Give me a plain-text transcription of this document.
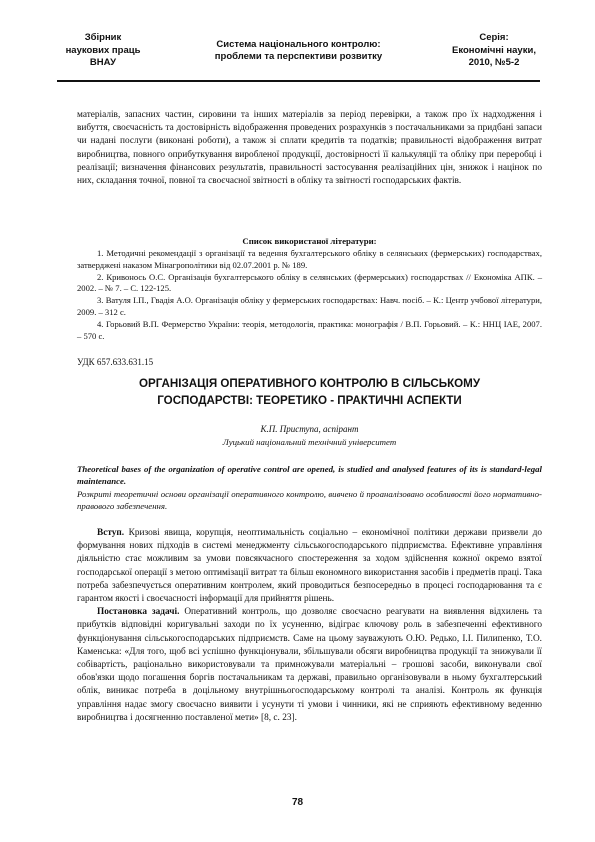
Збірник
наукових праць
ВНАУ
Система національного контролю:
проблеми та перспективи розвитку
Серія:
Економічні науки,
2010, №5-2

матеріалів, запасних частин, сировини та інших матеріалів за період перевірки, а також про їх надходження і вибуття, своєчасність та достовірність відображення проведених розрахунків з постачальниками за придбані запаси чи надані послуги (виконані роботи), а також зі сплати кредитів та податків; правильності відображення витрат виробництва, повного оприбуткування виробленої продукції, достовірності її калькуляції та обліку при переробці і реалізації; визначення фінансових результатів, правильності застосування реалізаційних цін, знижок і націнок по них, складання точної, повної та своєчасної звітності в обліку та звітності господарських фактів.

Список використаної літератури:

1. Методичні рекомендації з організації та ведення бухгалтерського обліку в селянських (фермерських) господарствах, затверджені наказом Мінагрополітики від 02.07.2001 р. № 189.

2. Кривонось О.С. Організація бухгалтерського обліку в селянських (фермерських) господарствах // Економіка АПК. – 2002. – № 7. – С. 122-125.

3. Ватуля І.П., Гвадія А.О. Організація обліку у фермерських господарствах: Навч. посіб. – К.: Центр учбової літератури, 2009. – 312 с.

4. Горьовий В.П. Фермерство України: теорія, методологія, практика: монографія / В.П. Горьовий. – К.: ННЦ ІАЕ, 2007. – 570 с.

УДК 657.633.631.15
ОРГАНІЗАЦІЯ ОПЕРАТИВНОГО КОНТРОЛЮ В СІЛЬСЬКОМУ
ГОСПОДАРСТВІ: ТЕОРЕТИКО - ПРАКТИЧНІ АСПЕКТИ
К.П. Приступа, аспірант
Луцький національний технічний університет
Theoretical bases of the organization of operative control are opened, is studied and analysed features of its is standard-legal maintenance.
Розкриті теоретичні основи організації оперативного контролю, вивчено й проаналізовано особливості його нормативно-правового забезпечення.

Вступ. Кризові явища, корупція, неоптимальність соціально – економічної політики держави призвели до формування нових підходів в системі менеджменту сільськогосподарського підприємства. Ефективне управління діяльністю стає можливим за умови повсякчасного спостереження за ходом здійснення кожної окремо взятої господарської операції з метою оптимізації витрат та більш економного використання засобів і предметів праці. Така потреба забезпечується оперативним контролем, який проводиться безпосередньо в процесі господарювання та є гарантом якості і своєчасності інформації для прийняття рішень.

Постановка задачі. Оперативний контроль, що дозволяє своєчасно реагувати на виявлення відхилень та прибутків відповідні коригувальні заходи по їх усуненню, відіграє ключову роль в забезпеченні ефективного функціонування сільськогосподарських підприємств. Саме на цьому зауважують О.Ю. Редько, І.І. Пилипенко, Т.О. Каменська: «Для того, щоб всі успішно функціонували, збільшували обсяги виробництва продукції та знижували її собівартість, раціонально використовували та примножували матеріальні – грошові засоби, виконували свої обов'язки щодо погашення боргів постачальникам та державі, правильно організовували в ньому бухгалтерський облік, виникає потреба в доцільному внутрішньогосподарському контролі та аналізі. Контроль як функція управління надає змогу своєчасно виявити і усунути ті умови і чинники, які не сприяють ефективному веденню виробництва і досягненню поставленої мети» [8, с. 23].

78
